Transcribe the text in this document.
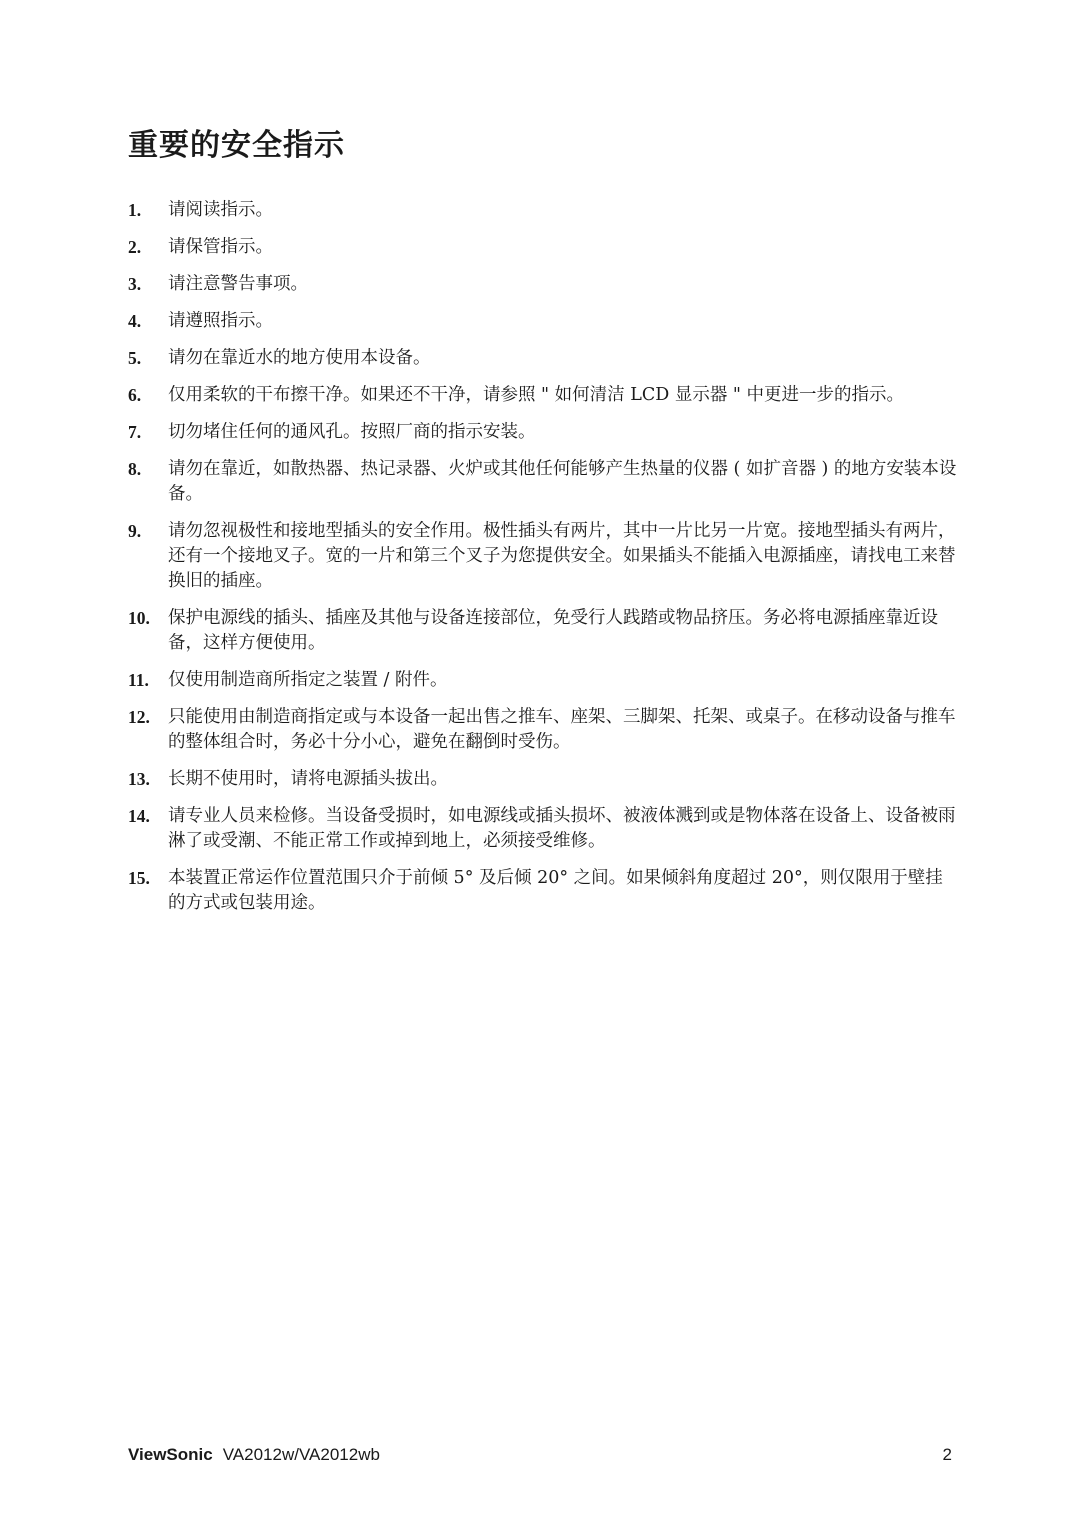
重要的安全指示
1. 请阅读指示。
2. 请保管指示。
3. 请注意警告事项。
4. 请遵照指示。
5. 请勿在靠近水的地方使用本设备。
6. 仅用柔软的干布擦干净。如果还不干净，请参照 " 如何清洁 LCD 显示器 " 中更进一步的指示。
7. 切勿堵住任何的通风孔。按照厂商的指示安装。
8. 请勿在靠近，如散热器、热记录器、火炉或其他任何能够产生热量的仪器 ( 如扩音器 ) 的地方安装本设备。
9. 请勿忽视极性和接地型插头的安全作用。极性插头有两片，其中一片比另一片宽。接地型插头有两片，还有一个接地叉子。宽的一片和第三个叉子为您提供安全。如果插头不能插入电源插座，请找电工来替换旧的插座。
10. 保护电源线的插头、插座及其他与设备连接部位，免受行人践踏或物品挤压。务必将电源插座靠近设备，这样方便使用。
11. 仅使用制造商所指定之装置 / 附件。
12. 只能使用由制造商指定或与本设备一起出售之推车、座架、三脚架、托架、或桌子。在移动设备与推车的整体组合时，务必十分小心，避免在翻倒时受伤。
13. 长期不使用时，请将电源插头拔出。
14. 请专业人员来检修。当设备受损时，如电源线或插头损坏、被液体溅到或是物体落在设备上、设备被雨淋了或受潮、不能正常工作或掉到地上，必须接受维修。
15. 本装置正常运作位置范围只介于前倾 5° 及后倾 20° 之间。如果倾斜角度超过 20°，则仅限用于壁挂的方式或包装用途。
ViewSonic VA2012w/VA2012wb	2
